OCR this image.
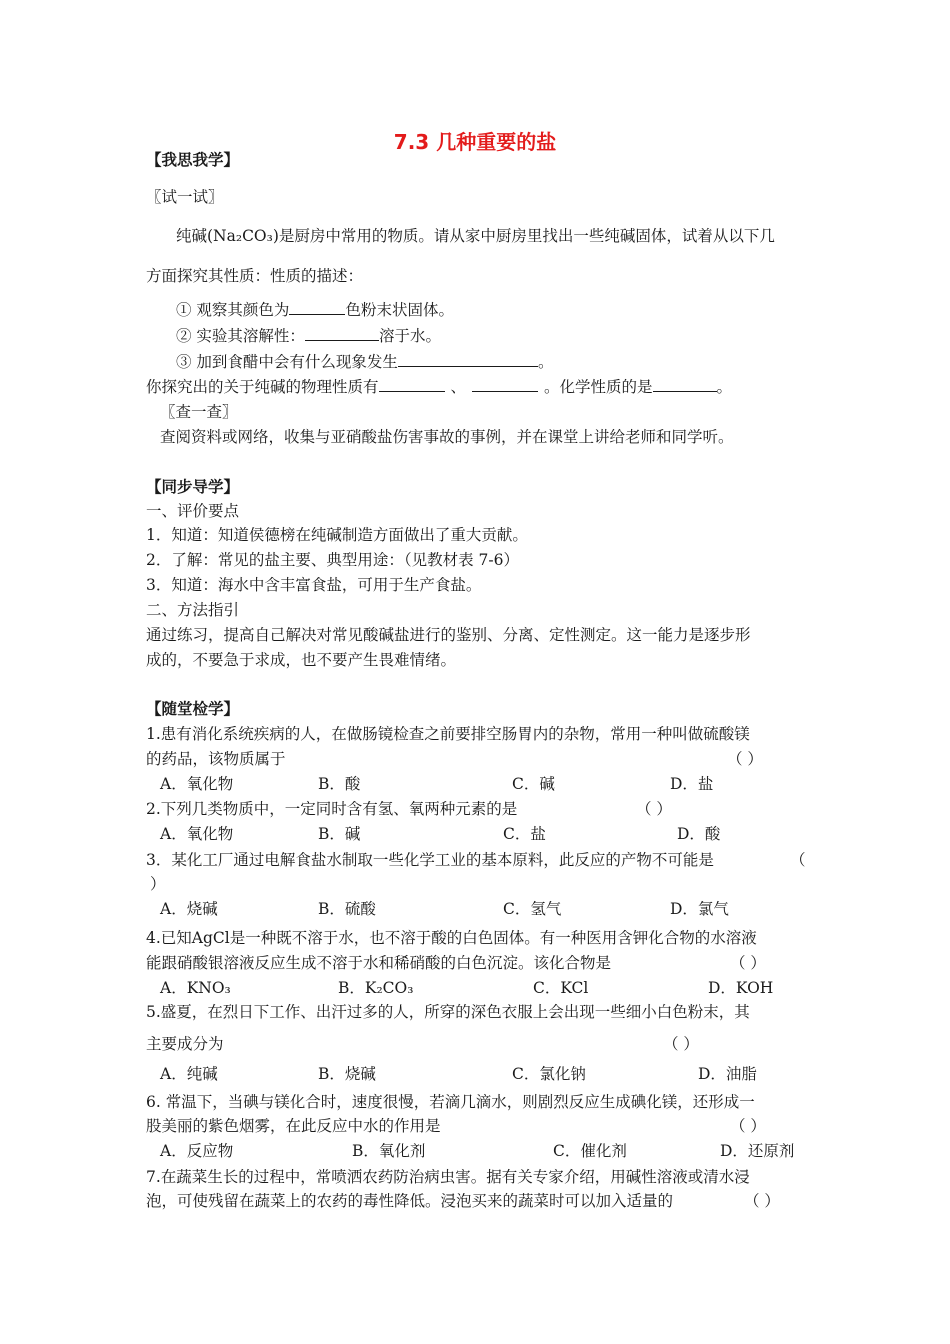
7.3 几种重要的盐
【我思我学】
〖试一试〗
纯碱(Na₂CO₃)是厨房中常用的物质。请从家中厨房里找出一些纯碱固体，试着从以下几
方面探究其性质：性质的描述：
① 观察其颜色为	色粉末状固体。
② 实验其溶解性：	溶于水。
③ 加到食醋中会有什么现象发生	。
你探究出的关于纯碱的物理性质有	、	。化学性质的是	。
〖查一查〗
查阅资料或网络，收集与亚硝酸盐伤害事故的事例，并在课堂上讲给老师和同学听。
【同步导学】
一、评价要点
1．知道：知道侯德榜在纯碱制造方面做出了重大贡献。
2．了解：常见的盐主要、典型用途：（见教材表 7-6）
3．知道：海水中含丰富食盐，可用于生产食盐。
二、方法指引
通过练习，提高自己解决对常见酸碱盐进行的鉴别、分离、定性测定。这一能力是逐步形
成的，不要急于求成，也不要产生畏难情绪。
【随堂检学】
1.患有消化系统疾病的人，在做肠镜检查之前要排空肠胃内的杂物，常用一种叫做硫酸镁
的药品，该物质属于	（ ）
A．氧化物	B．酸	C．碱	D．盐
2.下列几类物质中，一定同时含有氢、氧两种元素的是	（ ）
A．氧化物	B．碱	C．盐	D．酸
3．某化工厂通过电解食盐水制取一些化学工业的基本原料，此反应的产物不可能是	（
）
A．烧碱	B．硫酸	C．氢气	D．氯气
4.已知AgCl是一种既不溶于水，也不溶于酸的白色固体。有一种医用含钾化合物的水溶液
能跟硝酸银溶液反应生成不溶于水和稀硝酸的白色沉淀。该化合物是	（ ）
A．KNO₃	B．K₂CO₃	C．KCl	D．KOH
5.盛夏，在烈日下工作、出汗过多的人，所穿的深色衣服上会出现一些细小白色粉末，其
主要成分为	（ ）
A．纯碱	B．烧碱	C．氯化钠	D．油脂
6. 常温下，当碘与镁化合时，速度很慢，若滴几滴水，则剧烈反应生成碘化镁，还形成一
股美丽的紫色烟雾，在此反应中水的作用是	（ ）
A．反应物	B．氧化剂	C．催化剂	D．还原剂
7.在蔬菜生长的过程中，常喷洒农药防治病虫害。据有关专家介绍，用碱性溶液或清水浸
泡，可使残留在蔬菜上的农药的毒性降低。浸泡买来的蔬菜时可以加入适量的	（ ）
